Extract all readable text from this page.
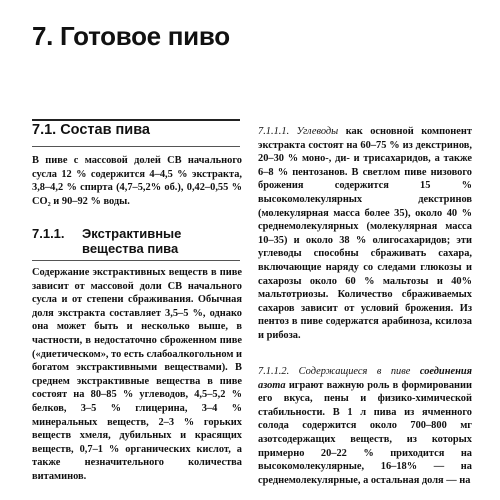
7. Готовое пиво
7.1. Состав пива

В пиве с массовой долей СВ начального сусла 12 % содержится 4–4,5 % экстракта, 3,8–4,2 % спирта (4,7–5,2% об.), 0,42–0,55 % CO₂ и 90–92 % воды.

7.1.1.	Экстрактивные вещества пива

Содержание экстрактивных веществ в пиве зависит от массовой доли СВ начального сусла и от степени сбраживания. Обычная доля экстракта составляет 3,5–5 %, однако она может быть и несколько выше, в частности, в недостаточно сброженном пиве («диетическом», то есть слабоалкогольном и богатом экстрактивными веществами). В среднем экстрактивные вещества в пиве состоят на 80–85 % углеводов, 4,5–5,2 % белков, 3–5 % глицерина, 3–4 % минеральных веществ, 2–3 % горьких веществ хмеля, дубильных и красящих веществ, 0,7–1 % органических кислот, а также незначительного количества витаминов.

7.1.1.1. Углеводы как основной компонент экстракта состоят на 60–75 % из декстринов, 20–30 % моно-, ди- и трисахаридов, а также 6–8 % пентозанов. В светлом пиве низового брожения содержится 15 % высокомолекулярных декстринов (молекулярная масса более 35), около 40 % среднемолекулярных (молекулярная масса 10–35) и около 38 % олигосахаридов; эти углеводы способны сбраживать сахара, включающие наряду со следами глюкозы и сахарозы около 60 % мальтозы и 40% мальтотриозы. Количество сбраживаемых сахаров зависит от условий брожения. Из пентоз в пиве содержатся арабиноза, ксилоза и рибоза.

7.1.1.2. Содержащиеся в пиве соединения азота играют важную роль в формировании его вкуса, пены и физико-химической стабильности. В 1 л пива из ячменного солода содержится около 700–800 мг азотсодержащих веществ, из которых примерно 20–22 % приходится на высокомолекулярные, 16–18% — на среднемолекулярные, а остальная доля — на
